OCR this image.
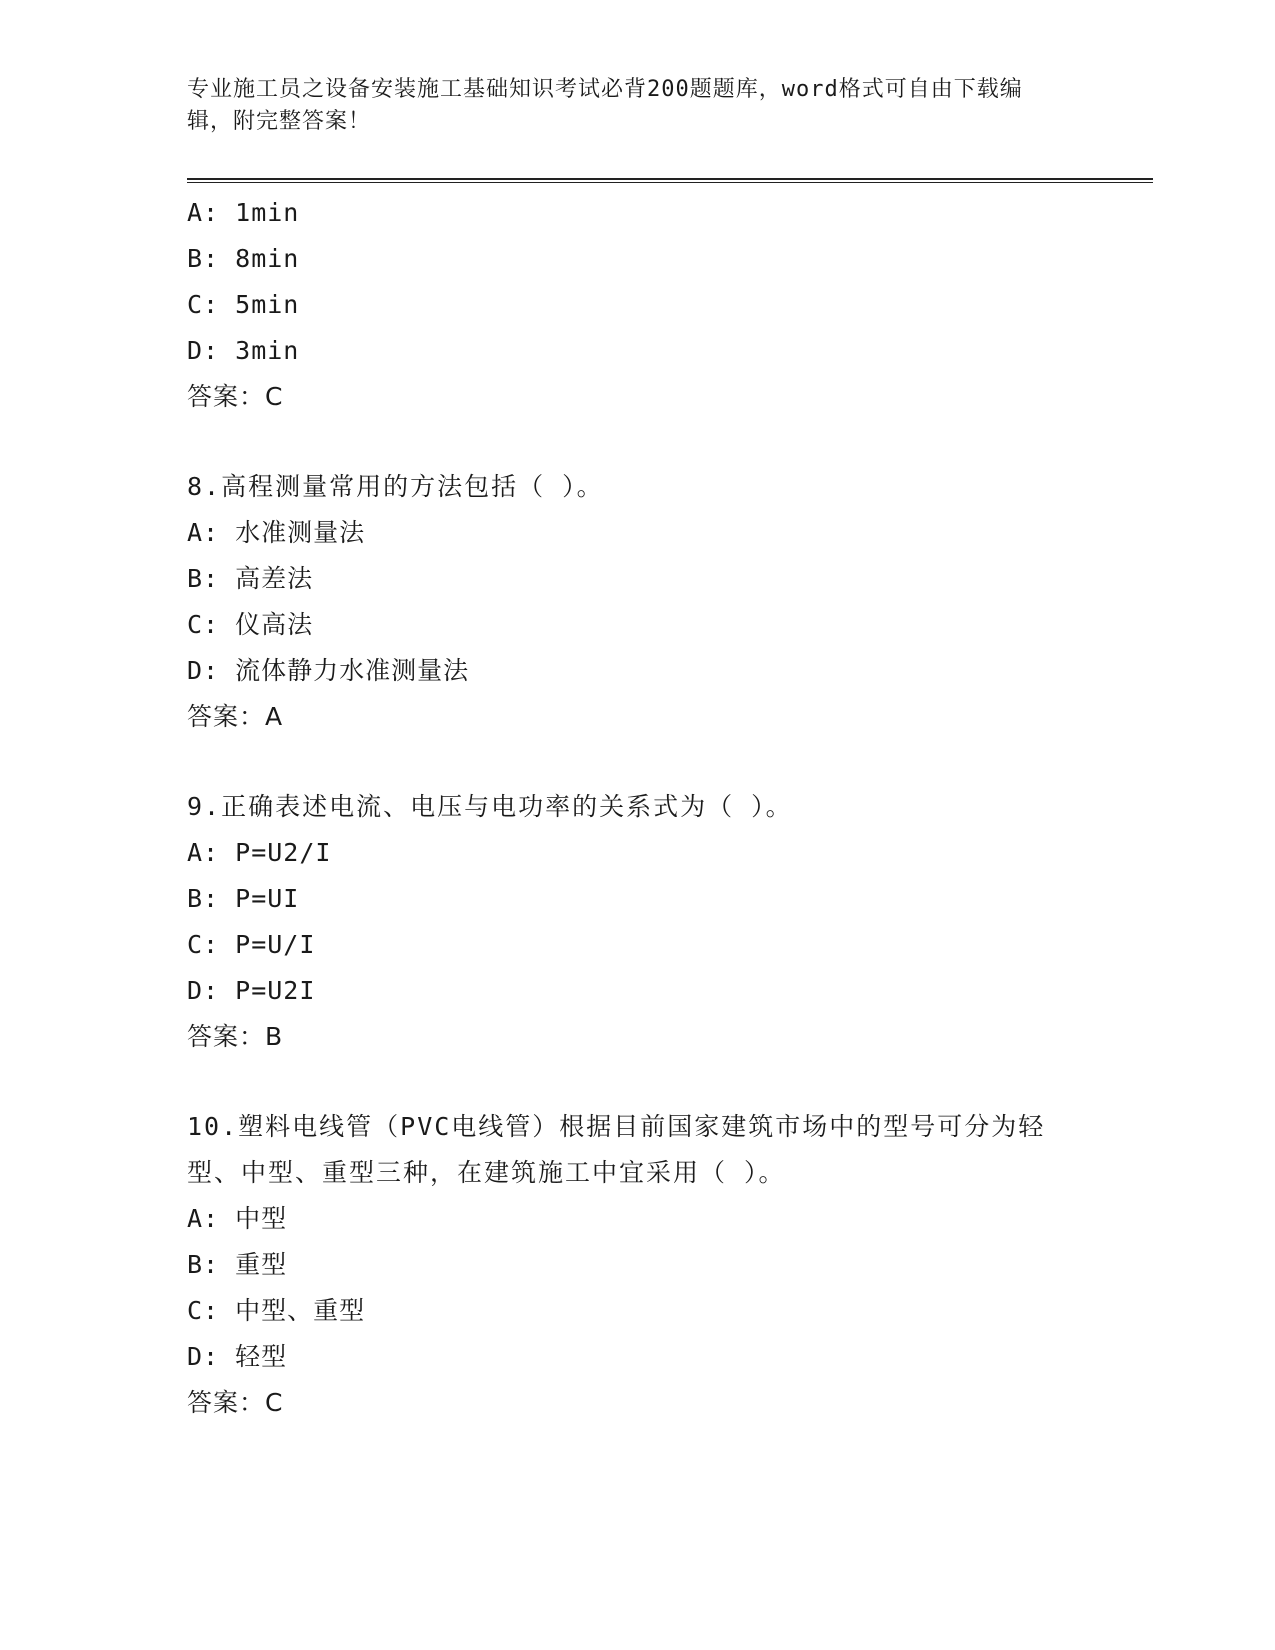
专业施工员之设备安装施工基础知识考试必背200题题库，word格式可自由下载编辑，附完整答案！
A: 1min
B: 8min
C: 5min
D: 3min
答案：C
8.高程测量常用的方法包括（ ）。
A: 水准测量法
B: 高差法
C: 仪高法
D: 流体静力水准测量法
答案：A
9.正确表述电流、电压与电功率的关系式为（ ）。
A: P=U2/I
B: P=UI
C: P=U/I
D: P=U2I
答案：B
10.塑料电线管（PVC电线管）根据目前国家建筑市场中的型号可分为轻型、中型、重型三种，在建筑施工中宜采用（ ）。
A: 中型
B: 重型
C: 中型、重型
D: 轻型
答案：C
